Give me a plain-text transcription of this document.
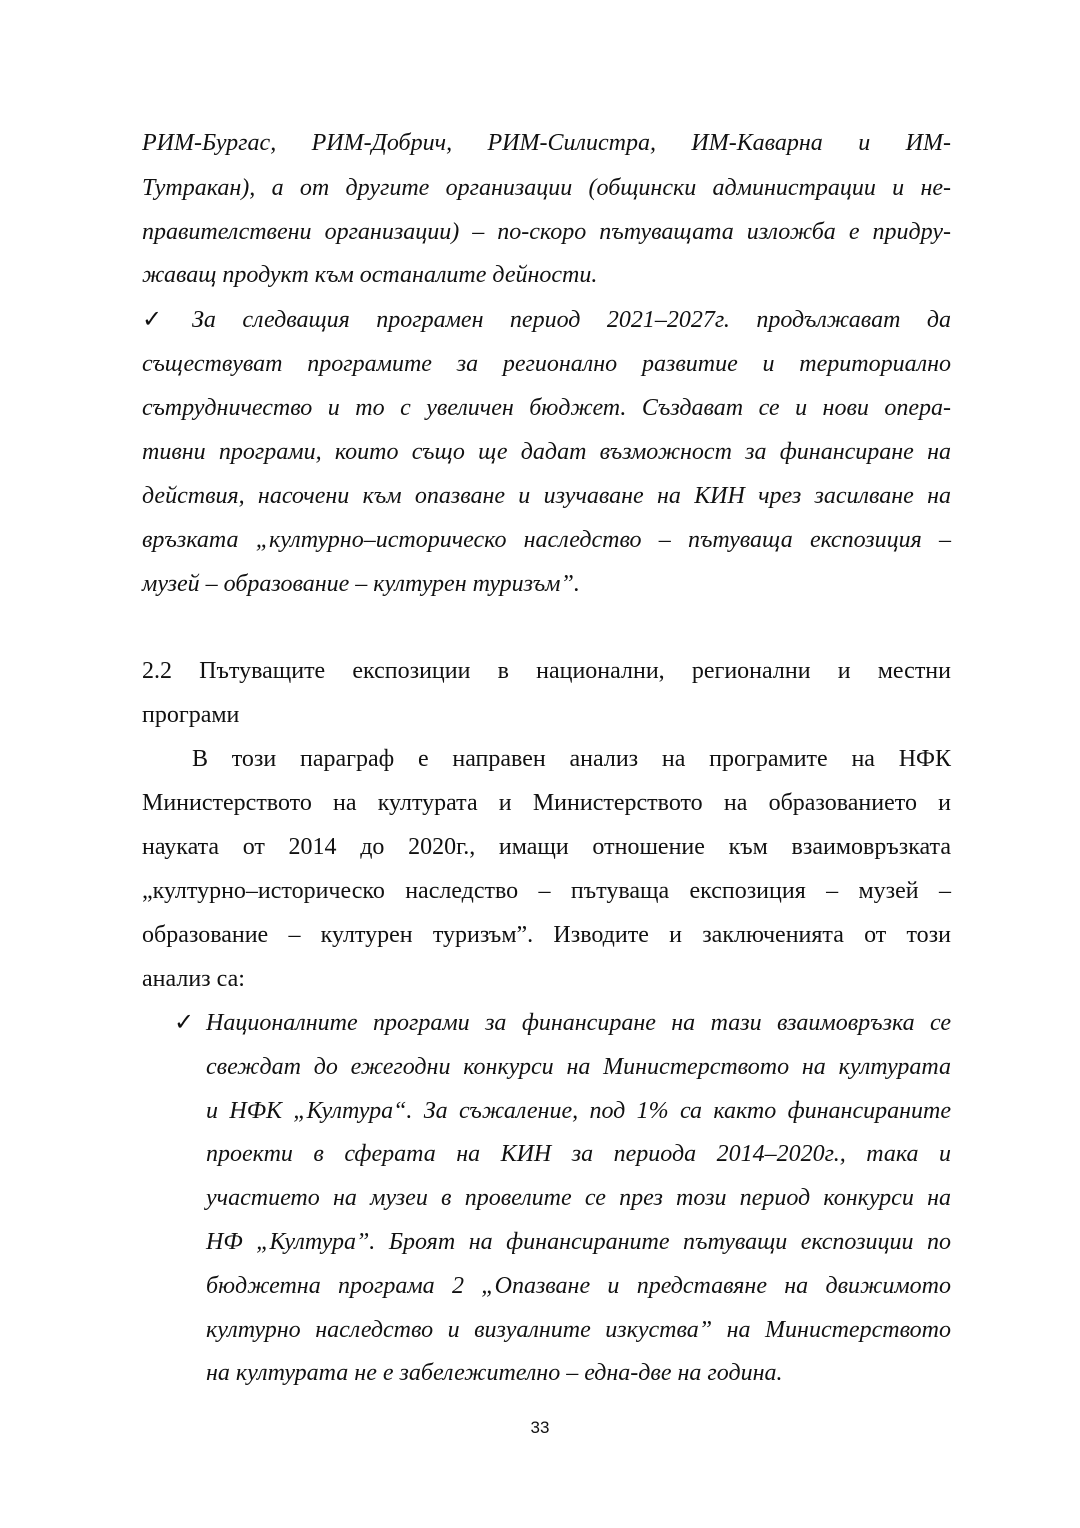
РИМ-Бургас, РИМ-Добрич, РИМ-Силистра, ИМ-Каварна и ИМ-
Тутракан), а от другите организации (общински администрации и не-
правителствени организации) – по-скоро пътуващата изложба е придру-
жаващ продукт към останалите дейности.
✓ За следващия програмен период 2021–2027г. продължават да
съществуват програмите за регионално развитие и териториално
сътрудничество и то с увеличен бюджет. Създават се и нови опера-
тивни програми, които също ще дадат възможност за финансиране на
действия, насочени към опазване и изучаване на КИН чрез засилване на
връзката „културно–историческо наследство – пътуваща експозиция –
музей – образование – културен туризъм”.
2.2 Пътуващите експозиции в национални, регионални и местни
програми
В този параграф е направен анализ на програмите на НФК
Министерството на културата и Министерството на образованието и
науката от 2014 до 2020г., имащи отношение към взаимовръзката
„културно–историческо наследство – пътуваща експозиция – музей –
образование – културен туризъм”. Изводите и заключенията от този
анализ са:
✓ Националните програми за финансиране на тази взаимовръзка се
свеждат до ежегодни конкурси на Министерството на културата
и НФК „Култура“. За съжаление, под 1% са както финансираните
проекти в сферата на КИН за периода 2014–2020г., така и
участието на музеи в провелите се през този период конкурси на
НФ „Култура”. Броят на финансираните пътуващи експозиции по
бюджетна програма 2 „Опазване и представяне на движимото
културно наследство и визуалните изкуства” на Министерството
на културата не е забележително – една-две на година.
33
